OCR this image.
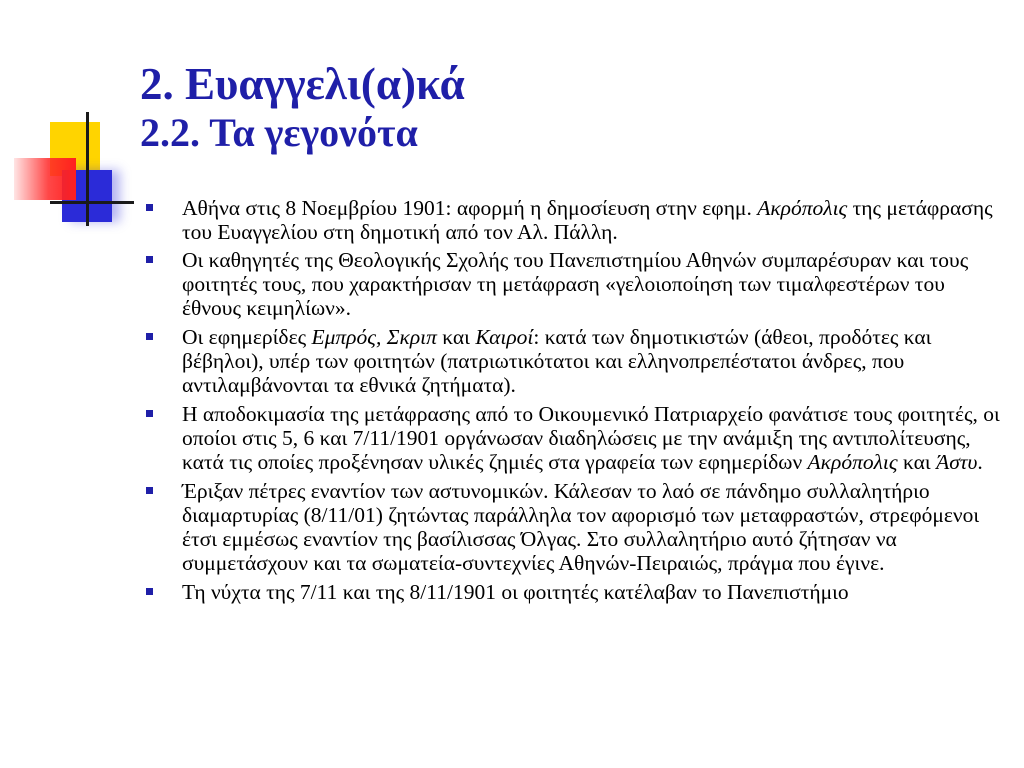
2. Ευαγγελι(α)κά
2.2. Τα γεγονότα
Αθήνα στις 8 Νοεμβρίου 1901: αφορμή η δημοσίευση στην εφημ. Ακρόπολις της μετάφρασης του Ευαγγελίου στη δημοτική από τον Αλ. Πάλλη.
Οι καθηγητές της Θεολογικής Σχολής του Πανεπιστημίου Αθηνών συμπαρέσυραν και τους φοιτητές τους, που χαρακτήρισαν τη μετάφραση «γελοιοποίηση των τιμαλφεστέρων του έθνους κειμηλίων».
Οι εφημερίδες Εμπρός, Σκριπ και Καιροί: κατά των δημοτικιστών (άθεοι, προδότες και βέβηλοι), υπέρ των φοιτητών (πατριωτικότατοι και ελληνοπρεπέστατοι άνδρες, που αντιλαμβάνονται τα εθνικά ζητήματα).
Η αποδοκιμασία της μετάφρασης από το Οικουμενικό Πατριαρχείο φανάτισε τους φοιτητές, οι οποίοι στις 5, 6 και 7/11/1901 οργάνωσαν διαδηλώσεις με την ανάμιξη της αντιπολίτευσης, κατά τις οποίες προξένησαν υλικές ζημιές στα γραφεία των εφημερίδων Ακρόπολις και Άστυ.
Έριξαν πέτρες εναντίον των αστυνομικών. Κάλεσαν το λαό σε πάνδημο συλλαλητήριο διαμαρτυρίας (8/11/01) ζητώντας παράλληλα τον αφορισμό των μεταφραστών, στρεφόμενοι έτσι εμμέσως εναντίον της βασίλισσας Όλγας. Στο συλλαλητήριο αυτό ζήτησαν να συμμετάσχουν και τα σωματεία-συντεχνίες Αθηνών-Πειραιώς, πράγμα που έγινε.
Τη νύχτα της 7/11 και της 8/11/1901 οι φοιτητές κατέλαβαν το Πανεπιστήμιο
